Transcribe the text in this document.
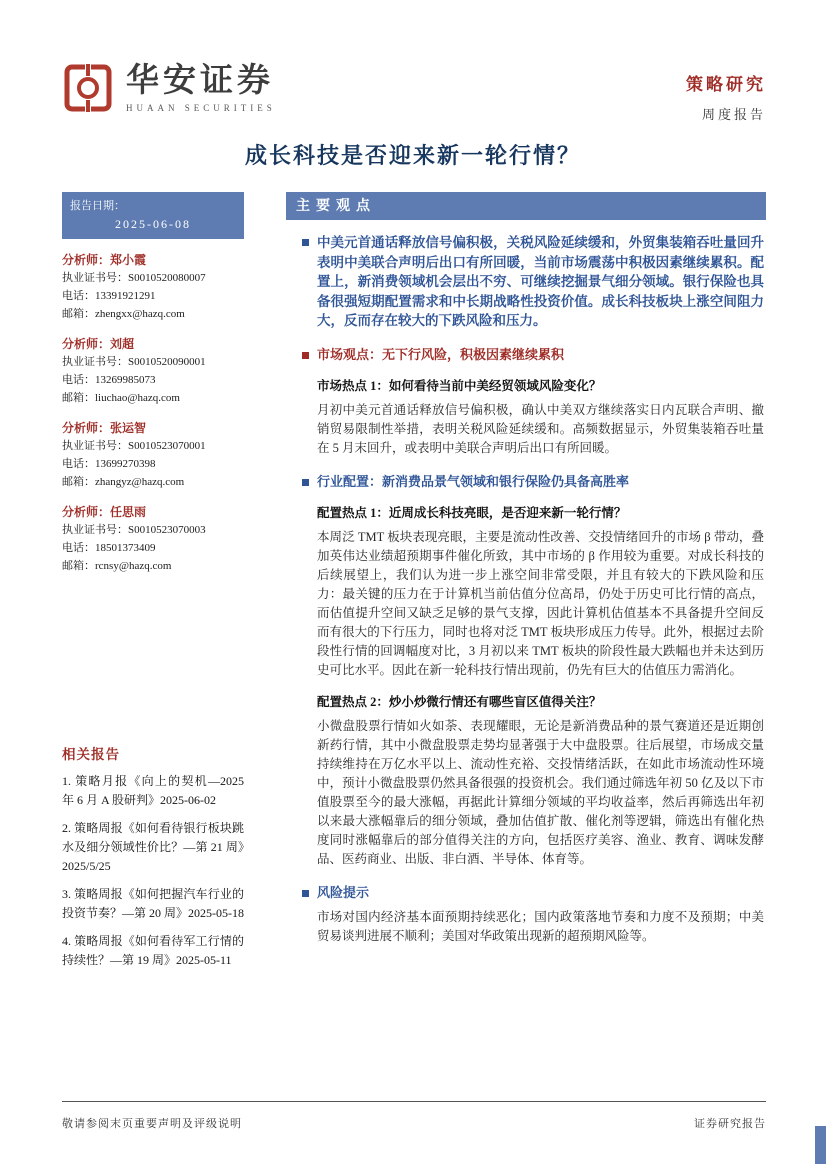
华安证券
HUAAN SECURITIES
策略研究
周度报告
成长科技是否迎来新一轮行情？
报告日期：
2025-06-08
分析师：郑小霞
执业证书号：S0010520080007
电话：13391921291
邮箱：zhengxx@hazq.com
分析师：刘超
执业证书号：S0010520090001
电话：13269985073
邮箱：liuchao@hazq.com
分析师：张运智
执业证书号：S0010523070001
电话：13699270398
邮箱：zhangyz@hazq.com
分析师：任思雨
执业证书号：S0010523070003
电话：18501373409
邮箱：rcnsy@hazq.com
相关报告
1. 策略月报《向上的契机—2025 年 6 月 A 股研判》2025-06-02
2. 策略周报《如何看待银行板块跳水及细分领域性价比？—第 21 周》2025/5/25
3. 策略周报《如何把握汽车行业的投资节奏？—第 20 周》2025-05-18
4. 策略周报《如何看待军工行情的持续性？—第 19 周》2025-05-11
主要观点
中美元首通话释放信号偏积极，关税风险延续缓和，外贸集装箱吞吐量回升表明中美联合声明后出口有所回暖，当前市场震荡中积极因素继续累积。配置上，新消费领域机会层出不穷、可继续挖掘景气细分领域。银行保险也具备很强短期配置需求和中长期战略性投资价值。成长科技板块上涨空间阻力大，反而存在较大的下跌风险和压力。
市场观点：无下行风险，积极因素继续累积
市场热点 1：如何看待当前中美经贸领域风险变化？
月初中美元首通话释放信号偏积极，确认中美双方继续落实日内瓦联合声明、撤销贸易限制性举措，表明关税风险延续缓和。高频数据显示，外贸集装箱吞吐量在 5 月末回升，或表明中美联合声明后出口有所回暖。
行业配置：新消费品景气领域和银行保险仍具备高胜率
配置热点 1：近周成长科技亮眼，是否迎来新一轮行情？
本周泛 TMT 板块表现亮眼，主要是流动性改善、交投情绪回升的市场 β 带动，叠加英伟达业绩超预期事件催化所致，其中市场的 β 作用较为重要。对成长科技的后续展望上，我们认为进一步上涨空间非常受限，并且有较大的下跌风险和压力：最关键的压力在于计算机当前估值分位高昂，仍处于历史可比行情的高点，而估值提升空间又缺乏足够的景气支撑，因此计算机估值基本不具备提升空间反而有很大的下行压力，同时也将对泛 TMT 板块形成压力传导。此外，根据过去阶段性行情的回调幅度对比，3 月初以来 TMT 板块的阶段性最大跌幅也并未达到历史可比水平。因此在新一轮科技行情出现前，仍先有巨大的估值压力需消化。
配置热点 2：炒小炒微行情还有哪些盲区值得关注？
小微盘股票行情如火如荼、表现耀眼，无论是新消费品种的景气赛道还是近期创新药行情，其中小微盘股票走势均显著强于大中盘股票。往后展望，市场成交量持续维持在万亿水平以上、流动性充裕、交投情绪活跃，在如此市场流动性环境中，预计小微盘股票仍然具备很强的投资机会。我们通过筛选年初 50 亿及以下市值股票至今的最大涨幅，再据此计算细分领域的平均收益率，然后再筛选出年初以来最大涨幅靠后的细分领域，叠加估值扩散、催化剂等逻辑，筛选出有催化热度同时涨幅靠后的部分值得关注的方向，包括医疗美容、渔业、教育、调味发酵品、医药商业、出版、非白酒、半导体、体育等。
风险提示
市场对国内经济基本面预期持续恶化；国内政策落地节奏和力度不及预期；中美贸易谈判进展不顺利；美国对华政策出现新的超预期风险等。
敬请参阅末页重要声明及评级说明	证券研究报告
